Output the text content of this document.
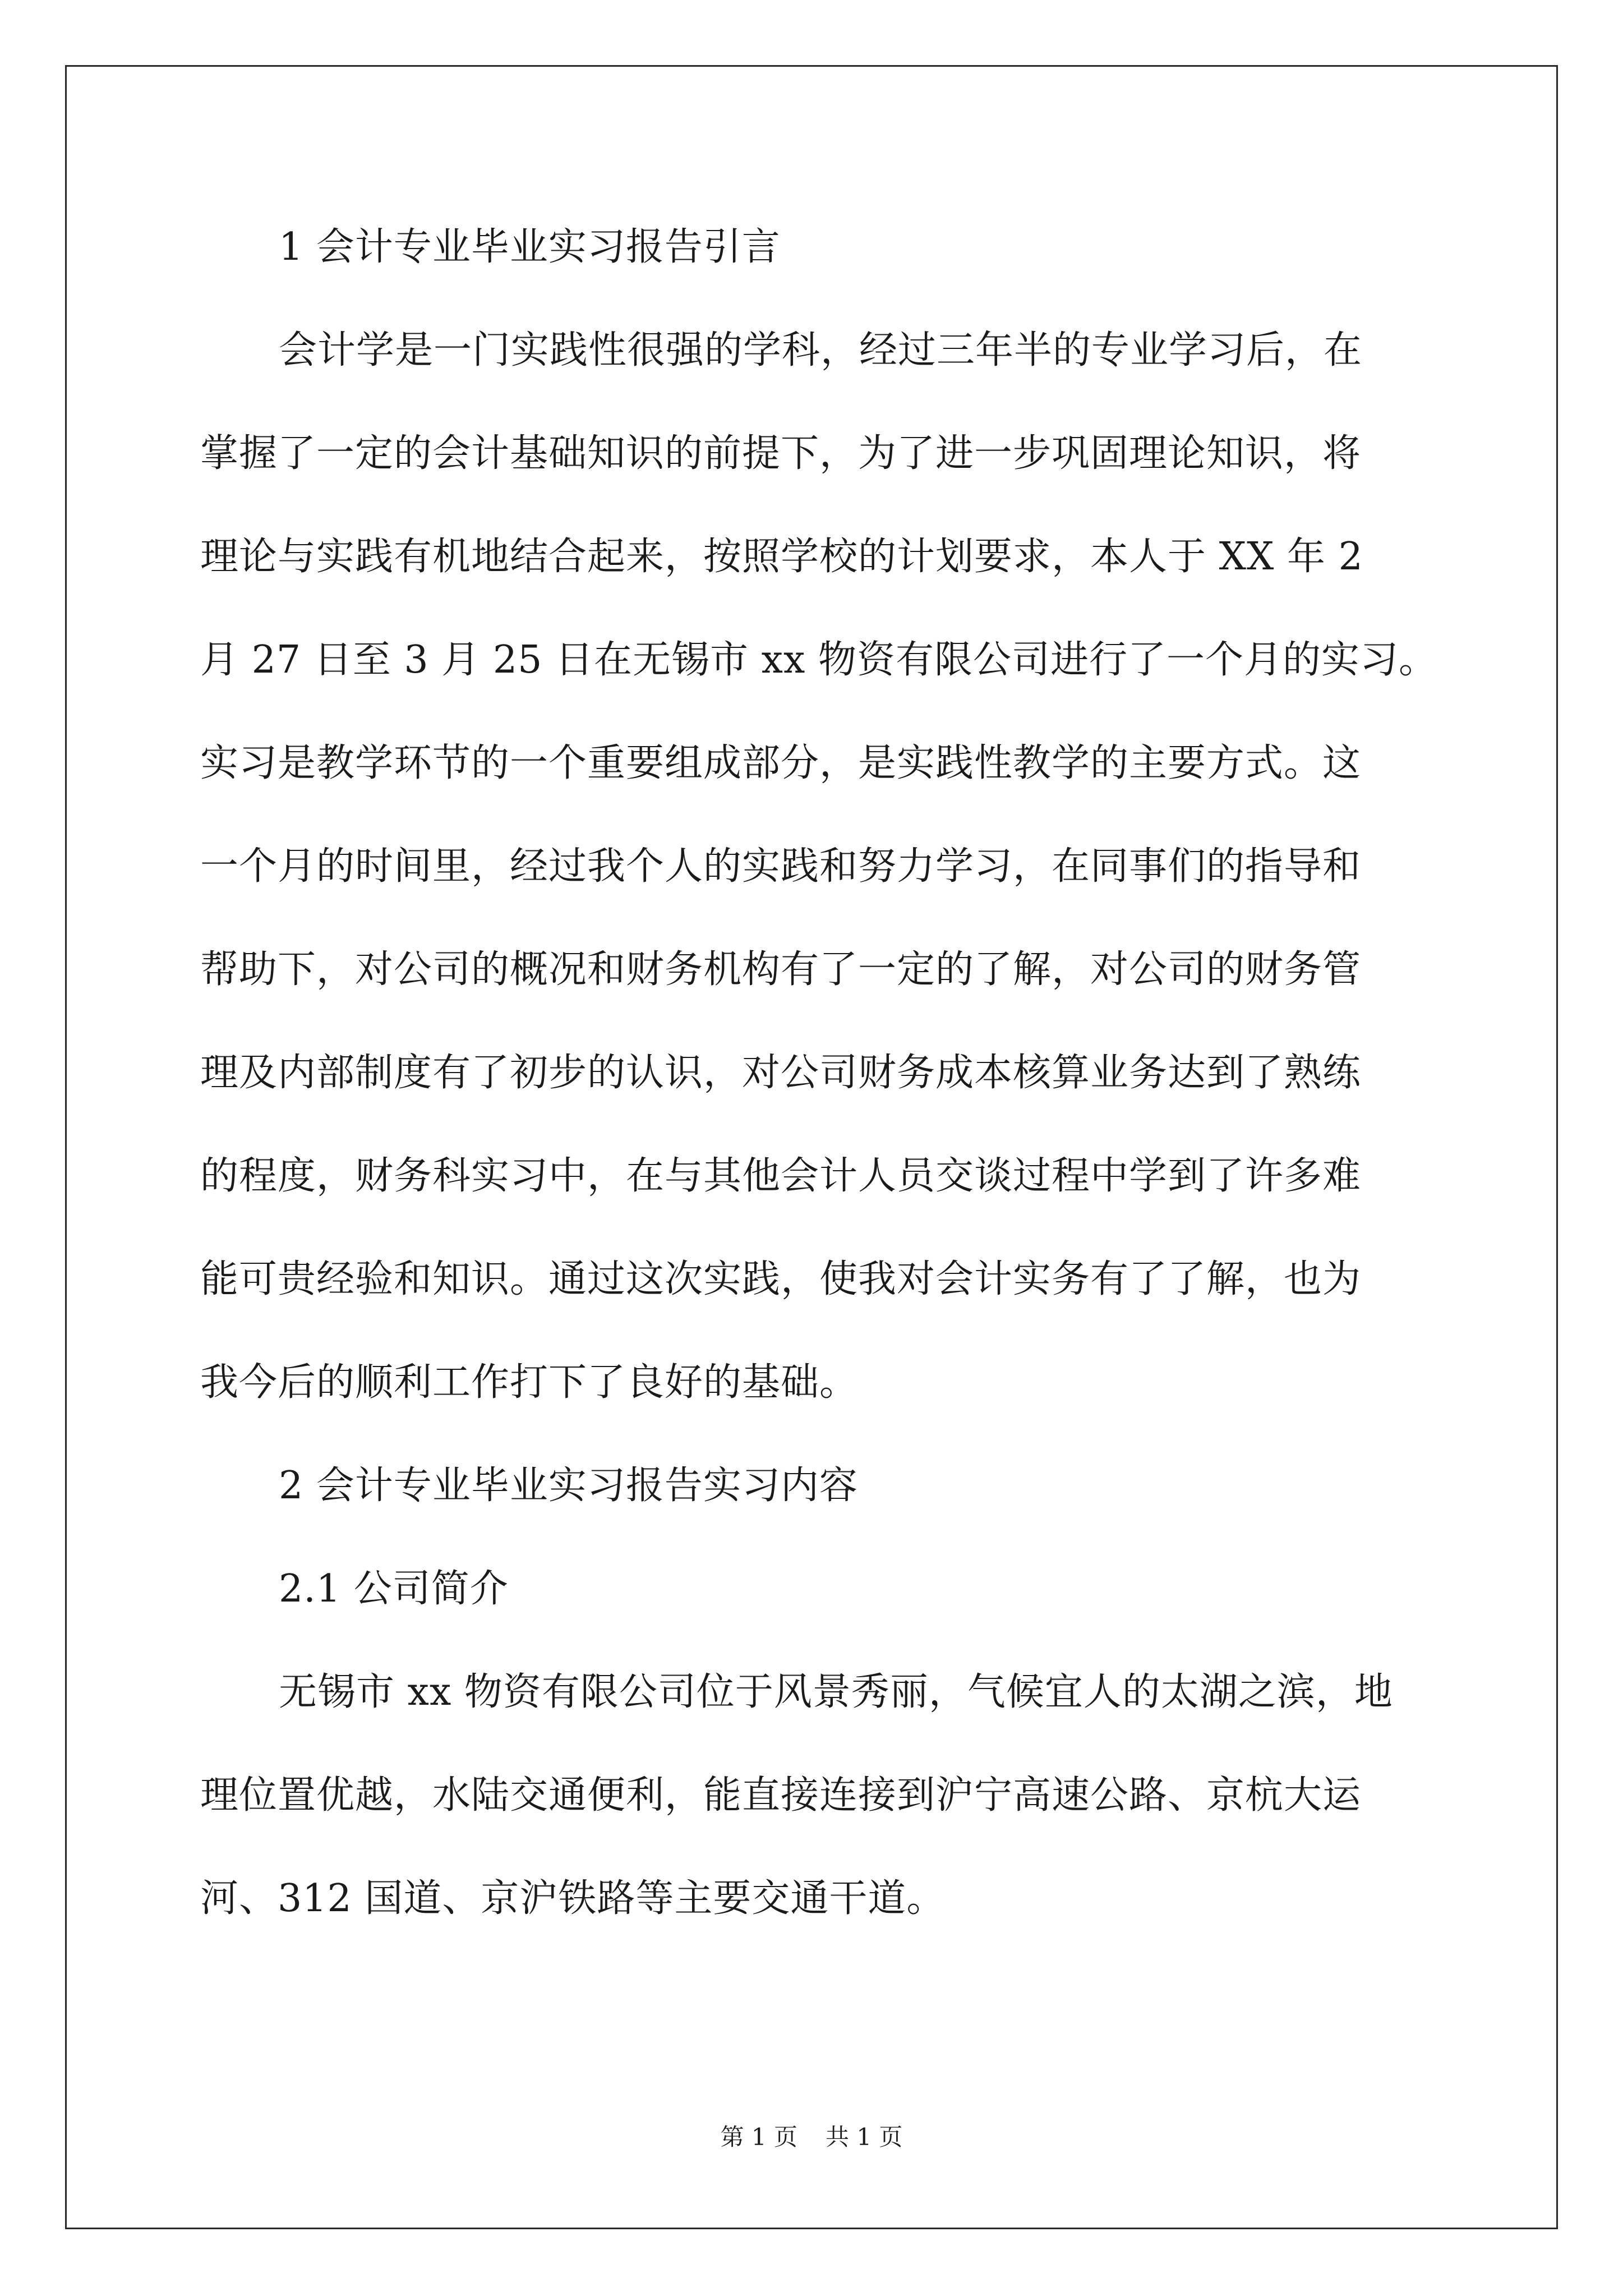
1 会计专业毕业实习报告引言
会计学是一门实践性很强的学科，经过三年半的专业学习后，在
掌握了一定的会计基础知识的前提下，为了进一步巩固理论知识，将
理论与实践有机地结合起来，按照学校的计划要求，本人于 XX 年 2
月 27 日至 3 月 25 日在无锡市 xx 物资有限公司进行了一个月的实习。
实习是教学环节的一个重要组成部分，是实践性教学的主要方式。这
一个月的时间里，经过我个人的实践和努力学习，在同事们的指导和
帮助下，对公司的概况和财务机构有了一定的了解，对公司的财务管
理及内部制度有了初步的认识，对公司财务成本核算业务达到了熟练
的程度，财务科实习中，在与其他会计人员交谈过程中学到了许多难
能可贵经验和知识。通过这次实践，使我对会计实务有了了解，也为
我今后的顺利工作打下了良好的基础。
2 会计专业毕业实习报告实习内容
2.1 公司简介
无锡市 xx 物资有限公司位于风景秀丽，气候宜人的太湖之滨，地
理位置优越，水陆交通便利，能直接连接到沪宁高速公路、京杭大运
河、312 国道、京沪铁路等主要交通干道。
第 1 页 共 1 页
